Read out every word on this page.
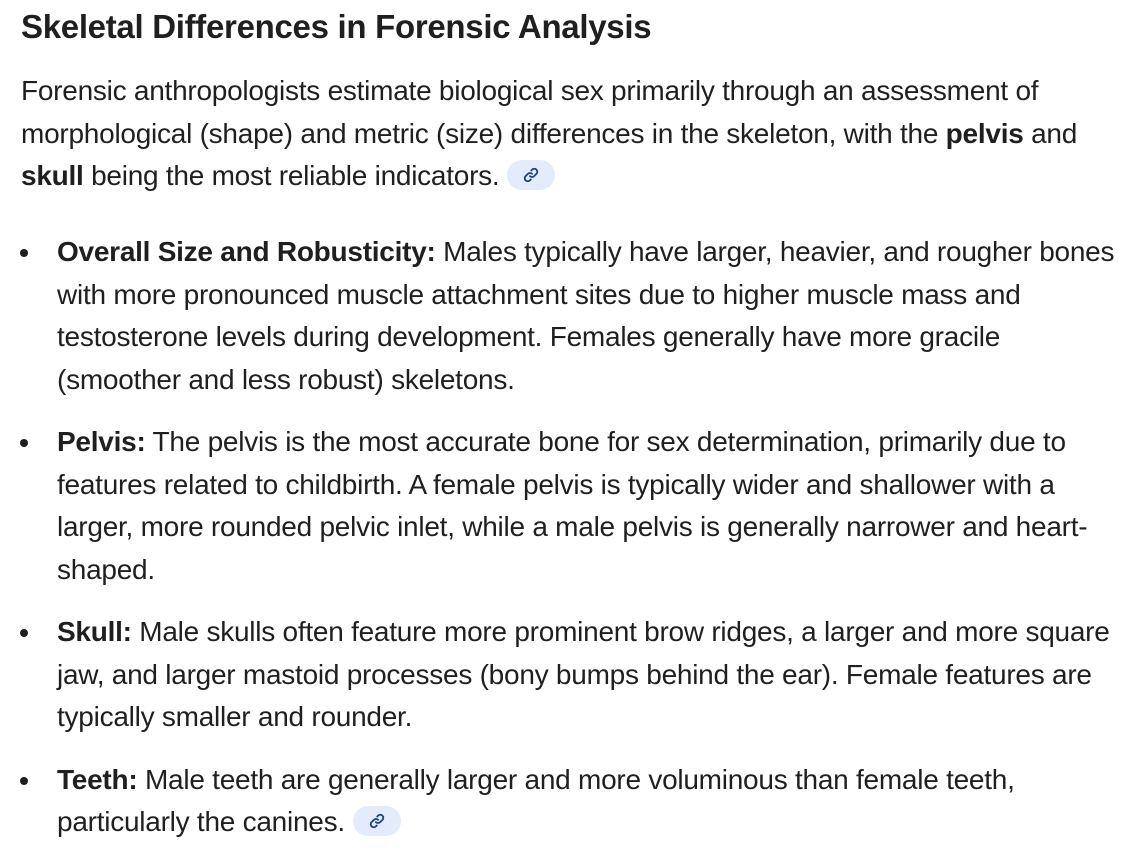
Skeletal Differences in Forensic Analysis

Forensic anthropologists estimate biological sex primarily through an assessment of morphological (shape) and metric (size) differences in the skeleton, with the pelvis and skull being the most reliable indicators.

Overall Size and Robusticity: Males typically have larger, heavier, and rougher bones with more pronounced muscle attachment sites due to higher muscle mass and testosterone levels during development. Females generally have more gracile (smoother and less robust) skeletons.
Pelvis: The pelvis is the most accurate bone for sex determination, primarily due to features related to childbirth. A female pelvis is typically wider and shallower with a larger, more rounded pelvic inlet, while a male pelvis is generally narrower and heart-shaped.
Skull: Male skulls often feature more prominent brow ridges, a larger and more square jaw, and larger mastoid processes (bony bumps behind the ear). Female features are typically smaller and rounder.
Teeth: Male teeth are generally larger and more voluminous than female teeth, particularly the canines.
